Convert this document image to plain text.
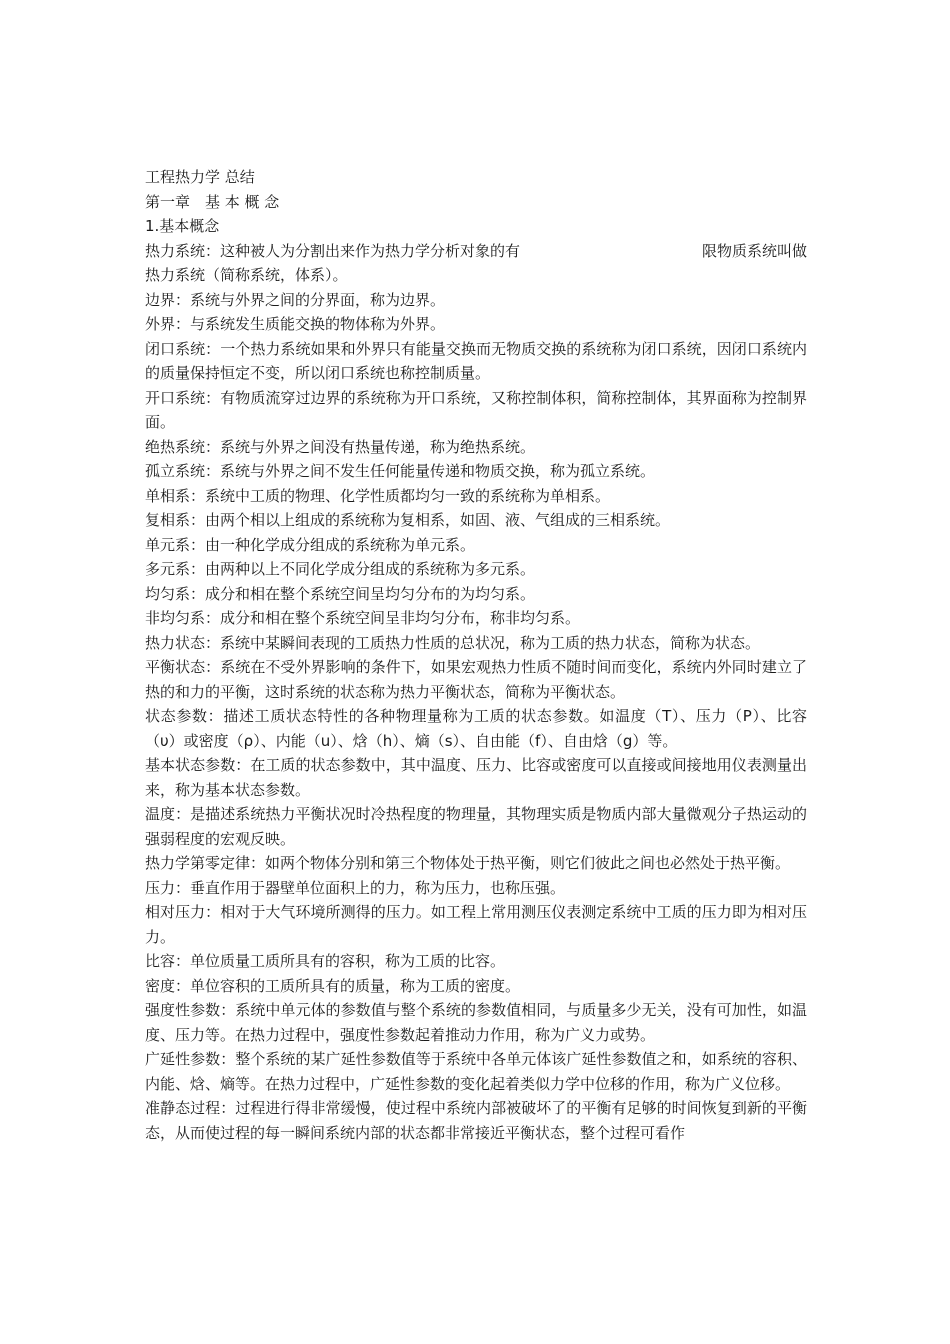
工程热力学 总结
第一章　基 本 概 念
1.基本概念
热力系统：这种被人为分割出来作为热力学分析对象的有	限物质系统叫做
热力系统（简称系统，体系）。
边界：系统与外界之间的分界面，称为边界。
外界：与系统发生质能交换的物体称为外界。
闭口系统：一个热力系统如果和外界只有能量交换而无物质交换的系统称为闭口系统，因闭口系统内的质量保持恒定不变，所以闭口系统也称控制质量。
开口系统：有物质流穿过边界的系统称为开口系统，又称控制体积，简称控制体，其界面称为控制界面。
绝热系统：系统与外界之间没有热量传递，称为绝热系统。
孤立系统：系统与外界之间不发生任何能量传递和物质交换，称为孤立系统。
单相系：系统中工质的物理、化学性质都均匀一致的系统称为单相系。
复相系：由两个相以上组成的系统称为复相系，如固、液、气组成的三相系统。
单元系：由一种化学成分组成的系统称为单元系。
多元系：由两种以上不同化学成分组成的系统称为多元系。
均匀系：成分和相在整个系统空间呈均匀分布的为均匀系。
非均匀系：成分和相在整个系统空间呈非均匀分布，称非均匀系。
热力状态：系统中某瞬间表现的工质热力性质的总状况，称为工质的热力状态，简称为状态。
平衡状态：系统在不受外界影响的条件下，如果宏观热力性质不随时间而变化，系统内外同时建立了热的和力的平衡，这时系统的状态称为热力平衡状态，简称为平衡状态。
状态参数：描述工质状态特性的各种物理量称为工质的状态参数。如温度（T）、压力（P）、比容（υ）或密度（ρ）、内能（u）、焓（h）、熵（s）、自由能（f）、自由焓（g）等。
基本状态参数：在工质的状态参数中，其中温度、压力、比容或密度可以直接或间接地用仪表测量出来，称为基本状态参数。
温度：是描述系统热力平衡状况时冷热程度的物理量，其物理实质是物质内部大量微观分子热运动的强弱程度的宏观反映。
热力学第零定律：如两个物体分别和第三个物体处于热平衡，则它们彼此之间也必然处于热平衡。
压力：垂直作用于器壁单位面积上的力，称为压力，也称压强。
相对压力：相对于大气环境所测得的压力。如工程上常用测压仪表测定系统中工质的压力即为相对压力。
比容：单位质量工质所具有的容积，称为工质的比容。
密度：单位容积的工质所具有的质量，称为工质的密度。
强度性参数：系统中单元体的参数值与整个系统的参数值相同，与质量多少无关，没有可加性，如温度、压力等。在热力过程中，强度性参数起着推动力作用，称为广义力或势。
广延性参数：整个系统的某广延性参数值等于系统中各单元体该广延性参数值之和，如系统的容积、内能、焓、熵等。在热力过程中，广延性参数的变化起着类似力学中位移的作用，称为广义位移。
准静态过程：过程进行得非常缓慢，使过程中系统内部被破坏了的平衡有足够的时间恢复到新的平衡态，从而使过程的每一瞬间系统内部的状态都非常接近平衡状态，整个过程可看作
